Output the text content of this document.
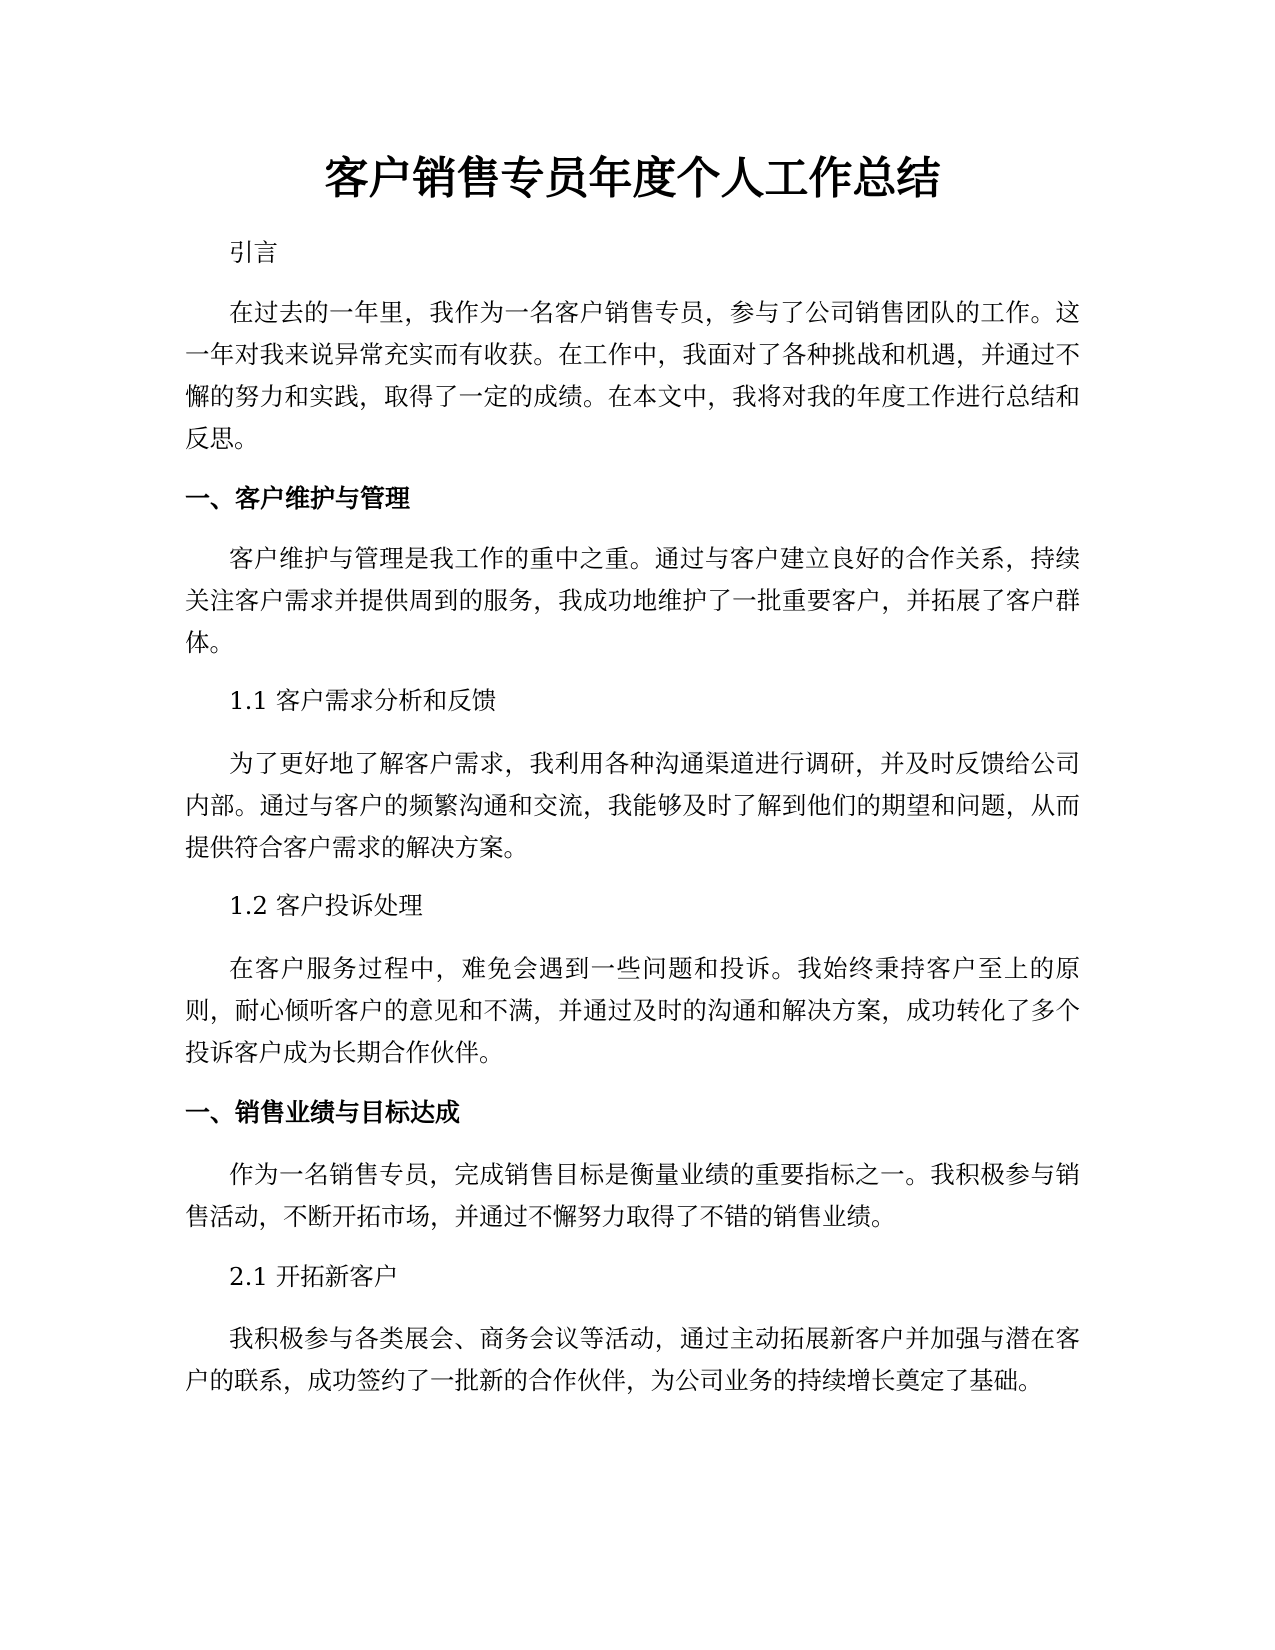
客户销售专员年度个人工作总结

引言

在过去的一年里，我作为一名客户销售专员，参与了公司销售团队的工作。这一年对我来说异常充实而有收获。在工作中，我面对了各种挑战和机遇，并通过不懈的努力和实践，取得了一定的成绩。在本文中，我将对我的年度工作进行总结和反思。

一、客户维护与管理

客户维护与管理是我工作的重中之重。通过与客户建立良好的合作关系，持续关注客户需求并提供周到的服务，我成功地维护了一批重要客户，并拓展了客户群体。

1.1 客户需求分析和反馈

为了更好地了解客户需求，我利用各种沟通渠道进行调研，并及时反馈给公司内部。通过与客户的频繁沟通和交流，我能够及时了解到他们的期望和问题，从而提供符合客户需求的解决方案。

1.2 客户投诉处理

在客户服务过程中，难免会遇到一些问题和投诉。我始终秉持客户至上的原则，耐心倾听客户的意见和不满，并通过及时的沟通和解决方案，成功转化了多个投诉客户成为长期合作伙伴。

一、销售业绩与目标达成

作为一名销售专员，完成销售目标是衡量业绩的重要指标之一。我积极参与销售活动，不断开拓市场，并通过不懈努力取得了不错的销售业绩。

2.1 开拓新客户

我积极参与各类展会、商务会议等活动，通过主动拓展新客户并加强与潜在客户的联系，成功签约了一批新的合作伙伴，为公司业务的持续增长奠定了基础。
